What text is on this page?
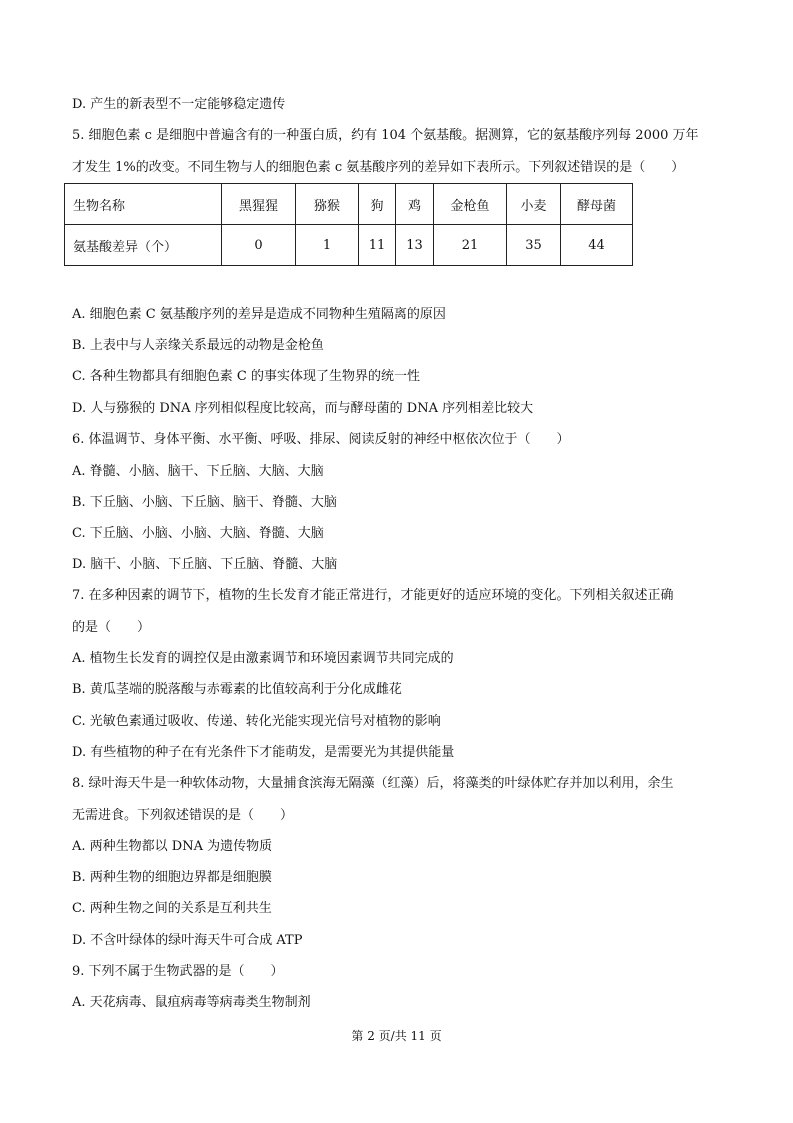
D. 产生的新表型不一定能够稳定遗传
5. 细胞色素 c 是细胞中普遍含有的一种蛋白质，约有 104 个氨基酸。据测算，它的氨基酸序列每 2000 万年
才发生 1%的改变。不同生物与人的细胞色素 c 氨基酸序列的差异如下表所示。下列叙述错误的是（　　）
生物名称	黑猩猩	猕猴	狗	鸡	金枪鱼	小麦	酵母菌
氨基酸差异（个）	0	1	11	13	21	35	44
A. 细胞色素 C 氨基酸序列的差异是造成不同物种生殖隔离的原因
B. 上表中与人亲缘关系最远的动物是金枪鱼
C. 各种生物都具有细胞色素 C 的事实体现了生物界的统一性
D. 人与猕猴的 DNA 序列相似程度比较高，而与酵母菌的 DNA 序列相差比较大
6. 体温调节、身体平衡、水平衡、呼吸、排尿、阅读反射的神经中枢依次位于（　　）
A. 脊髓、小脑、脑干、下丘脑、大脑、大脑
B. 下丘脑、小脑、下丘脑、脑干、脊髓、大脑
C. 下丘脑、小脑、小脑、大脑、脊髓、大脑
D. 脑干、小脑、下丘脑、下丘脑、脊髓、大脑
7. 在多种因素的调节下，植物的生长发育才能正常进行，才能更好的适应环境的变化。下列相关叙述正确
的是（　　）
A. 植物生长发育的调控仅是由激素调节和环境因素调节共同完成的
B. 黄瓜茎端的脱落酸与赤霉素的比值较高利于分化成雌花
C. 光敏色素通过吸收、传递、转化光能实现光信号对植物的影响
D. 有些植物的种子在有光条件下才能萌发，是需要光为其提供能量
8. 绿叶海天牛是一种软体动物，大量捕食滨海无隔藻（红藻）后，将藻类的叶绿体贮存并加以利用，余生
无需进食。下列叙述错误的是（　　）
A. 两种生物都以 DNA 为遗传物质
B. 两种生物的细胞边界都是细胞膜
C. 两种生物之间的关系是互利共生
D. 不含叶绿体的绿叶海天牛可合成 ATP
9. 下列不属于生物武器的是（　　）
A. 天花病毒、鼠疽病毒等病毒类生物制剂
第 2 页/共 11 页
